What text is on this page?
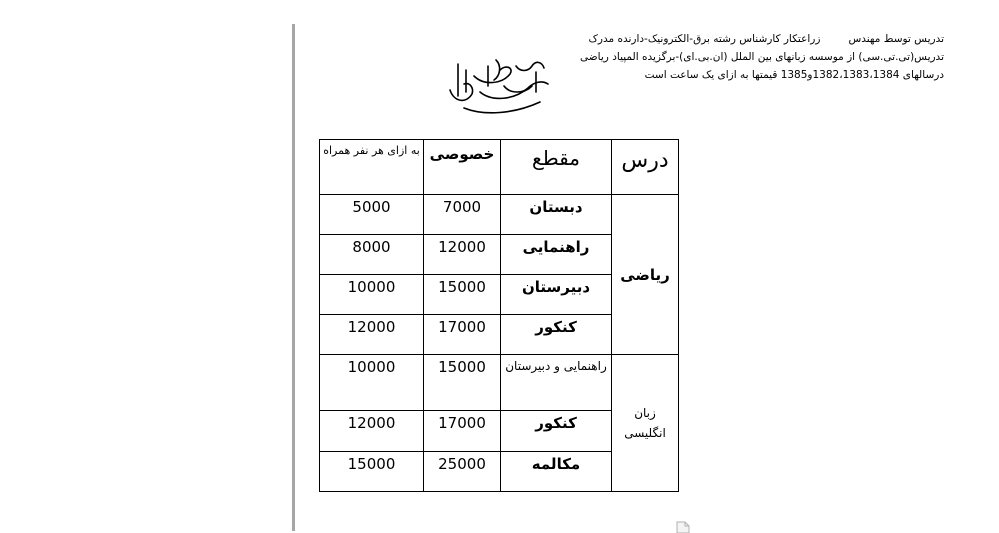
تدریس توسط مهندسزراعتکار کارشناس رشته برق-الکترونیک-دارنده مدرک
تدریس(تی.تی.سی) از موسسه زبانهای بین الملل (ان.بی.ای)-برگزیده المپیاد ریاضی
درسالهای 1382،1383،1384و1385 قیمتها به ازای یک ساعت است
درس	مقطع	خصوصی	به ازای هر نفر همراه
ریاضی	دبستان	7000	5000
	راهنمایی	12000	8000
	دبیرستان	15000	10000
	کنکور	17000	12000
زبان انگلیسی	راهنمایی و دبیرستان	15000	10000
	کنکور	17000	12000
	مکالمه	25000	15000
